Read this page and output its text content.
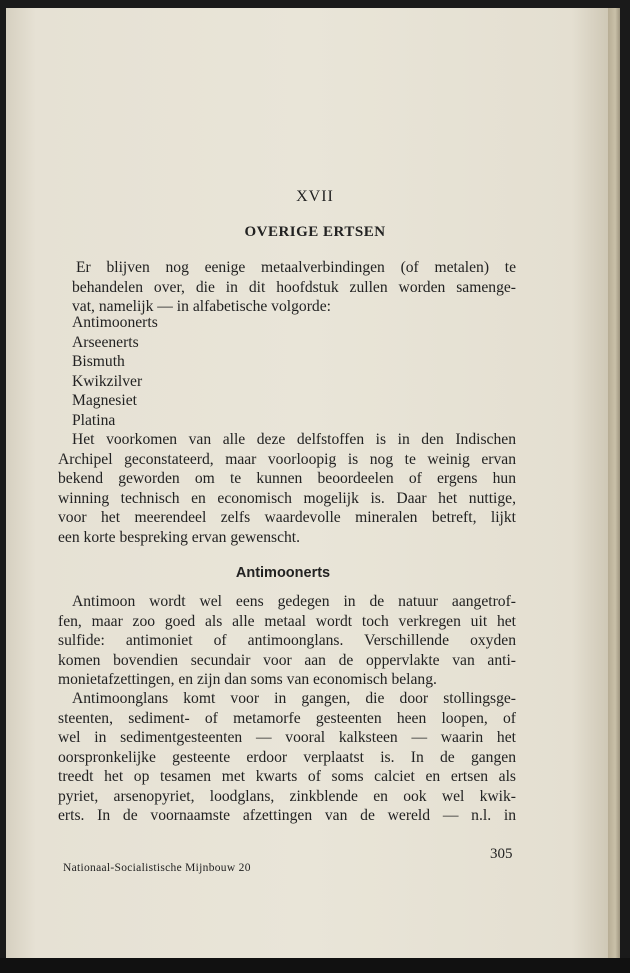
XVII
OVERIGE ERTSEN
Er blijven nog eenige metaalverbindingen (of metalen) te
behandelen over, die in dit hoofdstuk zullen worden samenge-
vat, namelijk — in alfabetische volgorde:
Antimoonerts
Arseenerts
Bismuth
Kwikzilver
Magnesiet
Platina
Het voorkomen van alle deze delfstoffen is in den Indischen
Archipel geconstateerd, maar voorloopig is nog te weinig ervan
bekend geworden om te kunnen beoordeelen of ergens hun
winning technisch en economisch mogelijk is. Daar het nuttige,
voor het meerendeel zelfs waardevolle mineralen betreft, lijkt
een korte bespreking ervan gewenscht.
Antimoonerts
Antimoon wordt wel eens gedegen in de natuur aangetrof-
fen, maar zoo goed als alle metaal wordt toch verkregen uit het
sulfide: antimoniet of antimoonglans. Verschillende oxyden
komen bovendien secundair voor aan de oppervlakte van anti-
monietafzettingen, en zijn dan soms van economisch belang.
Antimoonglans komt voor in gangen, die door stollingsge-
steenten, sediment- of metamorfe gesteenten heen loopen, of
wel in sedimentgesteenten — vooral kalksteen — waarin het
oorspronkelijke gesteente erdoor verplaatst is. In de gangen
treedt het op tesamen met kwarts of soms calciet en ertsen als
pyriet, arsenopyriet, loodglans, zinkblende en ook wel kwik-
erts. In de voornaamste afzettingen van de wereld — n.l. in
Nationaal-Socialistische Mijnbouw 20
305
